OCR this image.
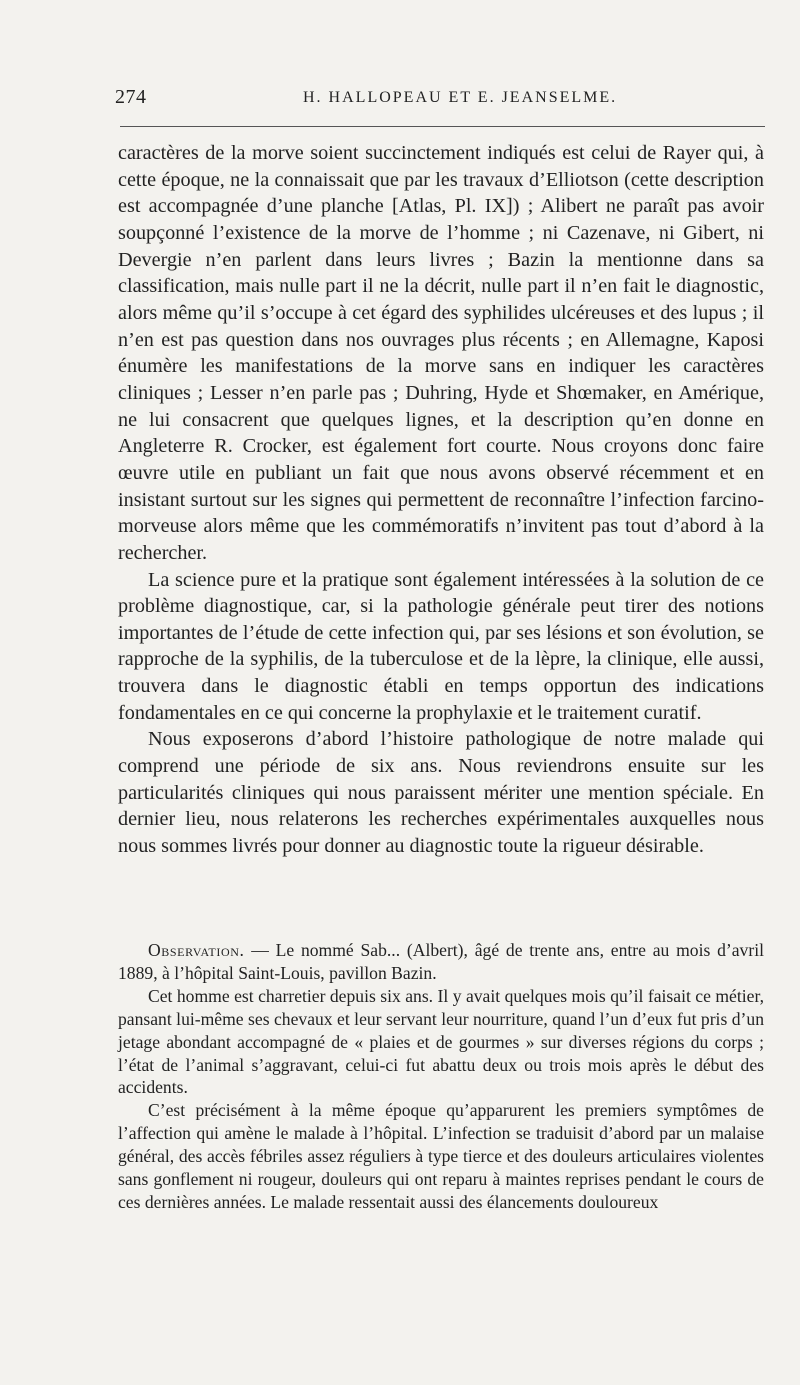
274	H. HALLOPEAU ET E. JEANSELME.

caractères de la morve soient succinctement indiqués est celui de Rayer qui, à cette époque, ne la connaissait que par les travaux d’Elliotson (cette description est accompagnée d’une planche [Atlas, Pl. IX]) ; Alibert ne paraît pas avoir soupçonné l’existence de la morve de l’homme ; ni Cazenave, ni Gibert, ni Devergie n’en parlent dans leurs livres ; Bazin la mentionne dans sa classification, mais nulle part il ne la décrit, nulle part il n’en fait le diagnostic, alors même qu’il s’occupe à cet égard des syphilides ulcéreuses et des lupus ; il n’en est pas question dans nos ouvrages plus récents ; en Allemagne, Kaposi énumère les manifestations de la morve sans en indiquer les caractères cliniques ; Lesser n’en parle pas ; Duhring, Hyde et Shœmaker, en Amérique, ne lui consacrent que quelques lignes, et la description qu’en donne en Angleterre R. Crocker, est également fort courte. Nous croyons donc faire œuvre utile en publiant un fait que nous avons observé récemment et en insistant surtout sur les signes qui permettent de reconnaître l’infection farcino-morveuse alors même que les commémoratifs n’invitent pas tout d’abord à la rechercher.

La science pure et la pratique sont également intéressées à la solution de ce problème diagnostique, car, si la pathologie générale peut tirer des notions importantes de l’étude de cette infection qui, par ses lésions et son évolution, se rapproche de la syphilis, de la tuberculose et de la lèpre, la clinique, elle aussi, trouvera dans le diagnostic établi en temps opportun des indications fondamentales en ce qui concerne la prophylaxie et le traitement curatif.

Nous exposerons d’abord l’histoire pathologique de notre malade qui comprend une période de six ans. Nous reviendrons ensuite sur les particularités cliniques qui nous paraissent mériter une mention spéciale. En dernier lieu, nous relaterons les recherches expérimentales auxquelles nous nous sommes livrés pour donner au diagnostic toute la rigueur désirable.

Observation. — Le nommé Sab... (Albert), âgé de trente ans, entre au mois d’avril 1889, à l’hôpital Saint-Louis, pavillon Bazin.

Cet homme est charretier depuis six ans. Il y avait quelques mois qu’il faisait ce métier, pansant lui-même ses chevaux et leur servant leur nourriture, quand l’un d’eux fut pris d’un jetage abondant accompagné de « plaies et de gourmes » sur diverses régions du corps ; l’état de l’animal s’aggravant, celui-ci fut abattu deux ou trois mois après le début des accidents.

C’est précisément à la même époque qu’apparurent les premiers symptômes de l’affection qui amène le malade à l’hôpital. L’infection se traduisit d’abord par un malaise général, des accès fébriles assez réguliers à type tierce et des douleurs articulaires violentes sans gonflement ni rougeur, douleurs qui ont reparu à maintes reprises pendant le cours de ces dernières années. Le malade ressentait aussi des élancements douloureux
